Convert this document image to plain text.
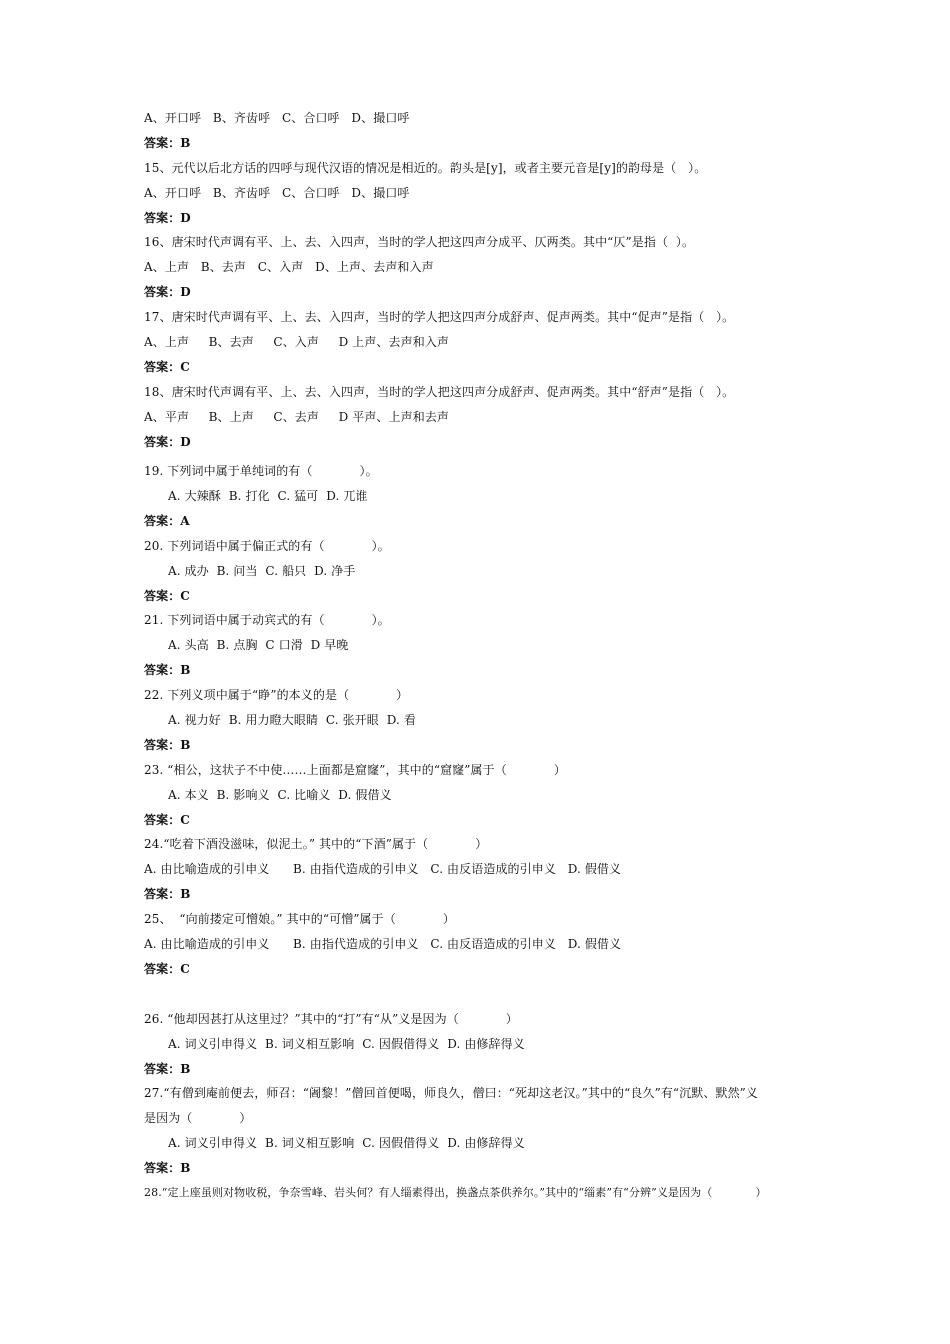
A、开口呼   B、齐齿呼   C、合口呼   D、撮口呼
答案：B
15、元代以后北方话的四呼与现代汉语的情况是相近的。韵头是[y]，或者主要元音是[y]的韵母是（   ）。
A、开口呼   B、齐齿呼   C、合口呼   D、撮口呼
答案：D
16、唐宋时代声调有平、上、去、入四声，当时的学人把这四声分成平、仄两类。其中“仄”是指（  ）。
A、上声   B、去声   C、入声   D、上声、去声和入声
答案：D
17、唐宋时代声调有平、上、去、入四声，当时的学人把这四声分成舒声、促声两类。其中“促声”是指（   ）。
A、上声     B、去声     C、入声     D 上声、去声和入声
答案：C
18、唐宋时代声调有平、上、去、入四声，当时的学人把这四声分成舒声、促声两类。其中“舒声”是指（   ）。
A、平声     B、上声     C、去声     D 平声、上声和去声
答案：D
19. 下列词中属于单纯词的有（            ）。
A. 大辣酥  B. 打化  C. 猛可  D. 兀谁
答案：A
20. 下列词语中属于偏正式的有（            ）。
A. 成办  B. 问当  C. 船只  D. 净手
答案：C
21. 下列词语中属于动宾式的有（            ）。
A. 头高  B. 点胸  C 口滑  D 早晚
答案：B
22. 下列义项中属于“睁”的本义的是（            ）
A. 视力好  B. 用力瞪大眼睛  C. 张开眼  D. 看
答案：B
23. “相公，这状子不中使……上面都是窟窿”，其中的“窟窿”属于（            ）
A. 本义  B. 影响义  C. 比喻义  D. 假借义
答案：C
24.“吃着下酒没滋味，似泥土。” 其中的“下酒”属于（            ）
A. 由比喻造成的引申义      B. 由指代造成的引申义   C. 由反语造成的引申义   D. 假借义
答案：B
25、  “向前搂定可憎娘。” 其中的“可憎”属于（            ）
A. 由比喻造成的引申义      B. 由指代造成的引申义   C. 由反语造成的引申义   D. 假借义
答案：C
26. “他却因甚打从这里过？”其中的“打”有“从”义是因为（            ）
A. 词义引申得义  B. 词义相互影响  C. 因假借得义  D. 由修辞得义
答案：B
27.“有僧到庵前便去，师召：“阇黎！”僧回首便喝，师良久，僧曰：“死却这老汉。”其中的“良久”有“沉默、默然”义
是因为（            ）
A. 词义引申得义  B. 词义相互影响  C. 因假借得义  D. 由修辞得义
答案：B
28.“定上座虽则对物收税，争奈雪峰、岩头何？有人缁素得出，换盏点茶供养尔。”其中的“缁素”有“分辨”义是因为（            ）
